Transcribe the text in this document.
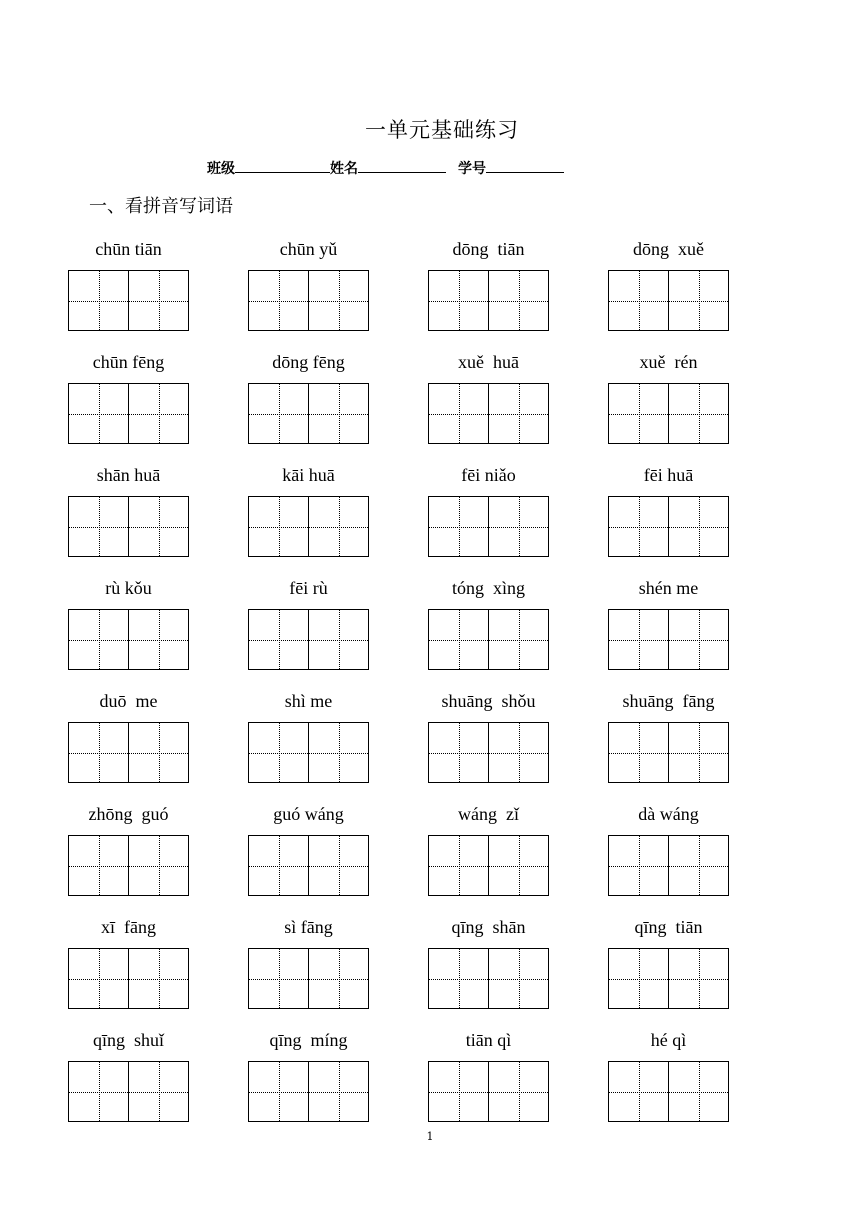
一单元基础练习
班级	姓名	学号
一、看拼音写词语
chūn tiān	chūn yǔ	dōng  tiān	dōng  xuě
chūn fēng	dōng fēng	xuě  huā	xuě  rén
shān huā	kāi huā	fēi niǎo	fēi huā
rù kǒu	fēi rù	tóng  xìng	shén me
duō  me	shì me	shuāng  shǒu	shuāng  fāng
zhōng  guó	guó wáng	wáng  zǐ	dà wáng
xī  fāng	sì fāng	qīng  shān	qīng  tiān
qīng  shuǐ	qīng  míng	tiān qì	hé qì
1
